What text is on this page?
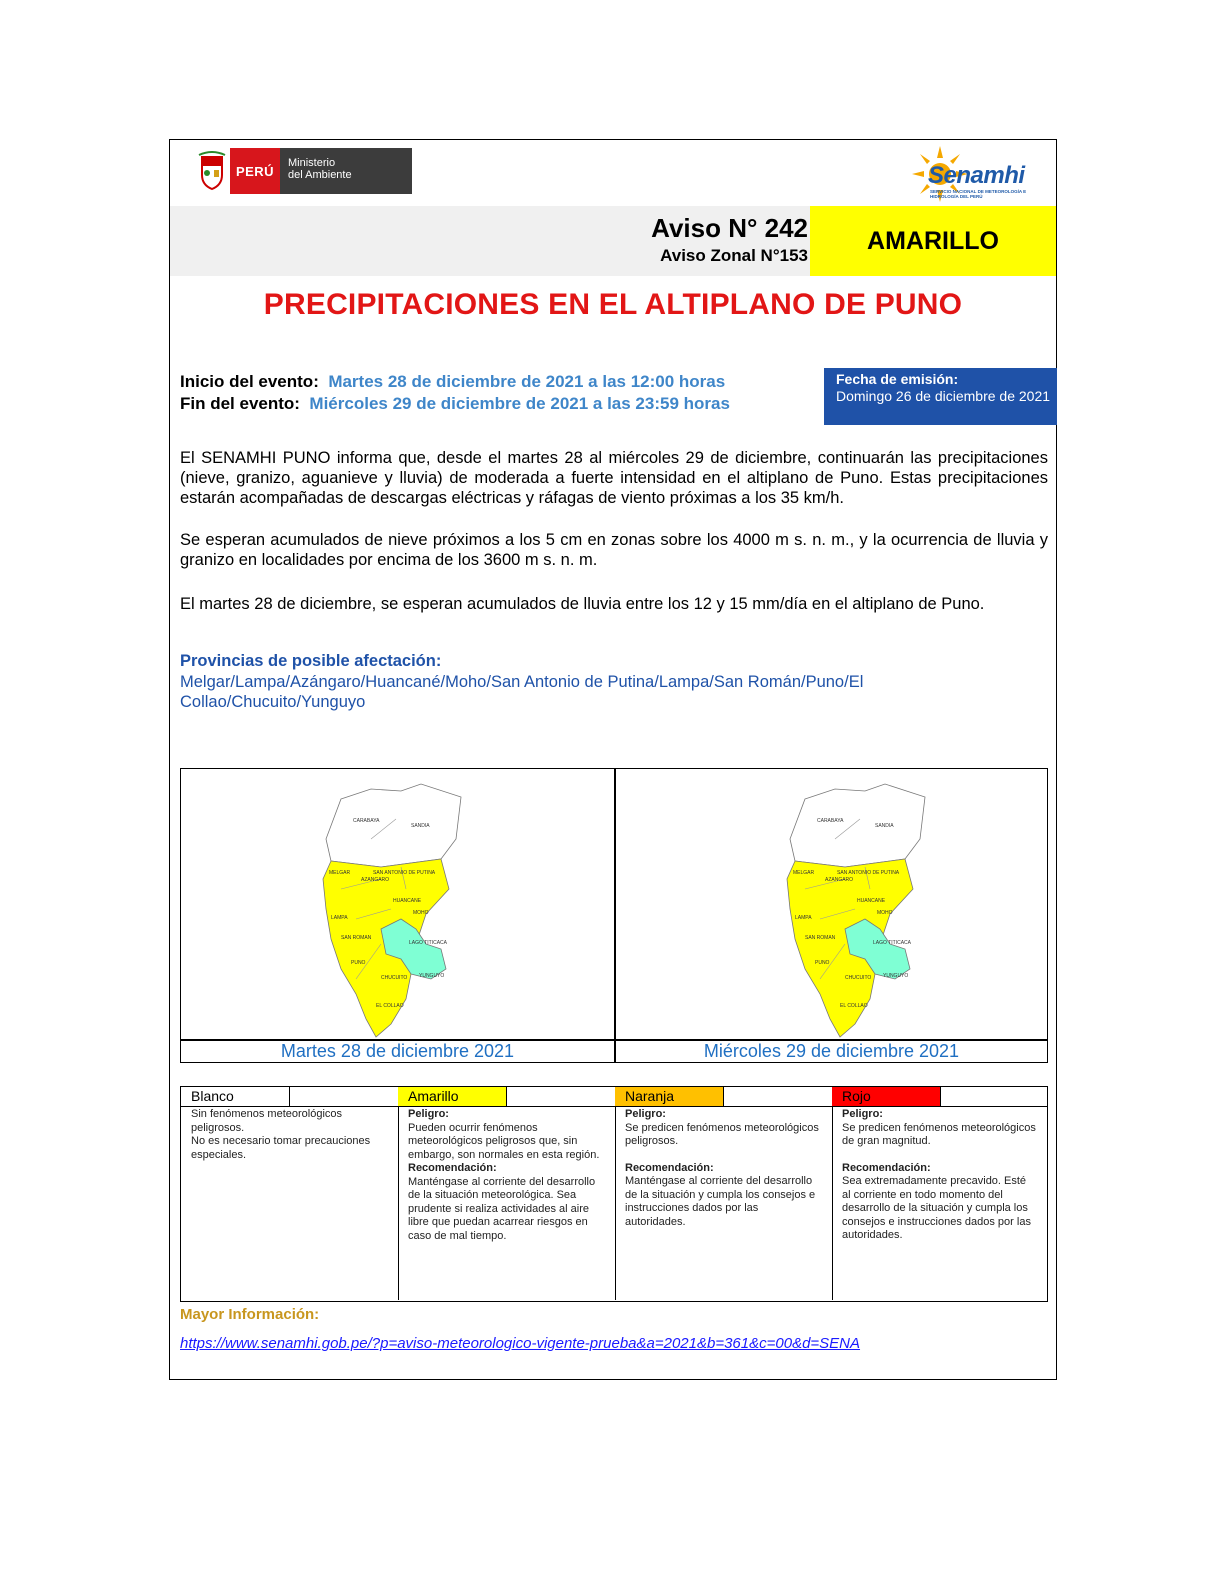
PERÚ
Ministerio
del Ambiente	Senamhi
SERVICIO NACIONAL DE METEOROLOGÍA E HIDROLOGÍA DEL PERÚ
Aviso N° 242
Aviso Zonal N°153
AMARILLO
PRECIPITACIONES EN EL ALTIPLANO DE PUNO
Inicio del evento: Martes 28 de diciembre de 2021 a las 12:00 horas
Fin del evento: Miércoles 29 de diciembre de 2021 a las 23:59 horas
Fecha de emisión:
Domingo 26 de diciembre de 2021
El SENAMHI PUNO informa que, desde el martes 28 al miércoles 29 de diciembre, continuarán las precipitaciones (nieve, granizo, aguanieve y lluvia) de moderada a fuerte intensidad en el altiplano de Puno. Estas precipitaciones estarán acompañadas de descargas eléctricas y ráfagas de viento próximas a los 35 km/h.
Se esperan acumulados de nieve próximos a los 5 cm en zonas sobre los 4000 m s. n. m., y la ocurrencia de lluvia y granizo en localidades por encima de los 3600 m s. n. m.
El martes 28 de diciembre, se esperan acumulados de lluvia entre los 12 y 15 mm/día en el altiplano de Puno.
Provincias de posible afectación:
Melgar/Lampa/Azángaro/Huancané/Moho/San Antonio de Putina/Lampa/San Román/Puno/El Collao/Chucuito/Yunguyo
CARABAYA
SANDIA
MELGAR
AZANGARO
SAN ANTONIO DE PUTINA
HUANCANE
MOHO
LAMPA
SAN ROMAN
LAGO TITICACA
PUNO
CHUCUITO YUNGUYO
EL COLLAO
CARABAYA
SANDIA
MELGAR
AZANGARO
SAN ANTONIO DE PUTINA
HUANCANE
MOHO
LAMPA
SAN ROMAN
LAGO TITICACA
PUNO
CHUCUITO YUNGUYO
EL COLLAO
Martes 28 de diciembre 2021	Miércoles 29 de diciembre 2021
Blanco
Sin fenómenos meteorológicos peligrosos.
No es necesario tomar precauciones especiales.
Amarillo
Peligro:
Pueden ocurrir fenómenos meteorológicos peligrosos que, sin embargo, son normales en esta región.
Recomendación:
Manténgase al corriente del desarrollo de la situación meteorológica. Sea prudente si realiza actividades al aire libre que puedan acarrear riesgos en caso de mal tiempo.
Naranja
Peligro:
Se predicen fenómenos meteorológicos peligrosos.
Recomendación:
Manténgase al corriente del desarrollo de la situación y cumpla los consejos e instrucciones dados por las autoridades.
Rojo
Peligro:
Se predicen fenómenos meteorológicos de gran magnitud.
Recomendación:
Sea extremadamente precavido. Esté al corriente en todo momento del desarrollo de la situación y cumpla los consejos e instrucciones dados por las autoridades.
Mayor Información:
https://www.senamhi.gob.pe/?p=aviso-meteorologico-vigente-prueba&a=2021&b=361&c=00&d=SENA
